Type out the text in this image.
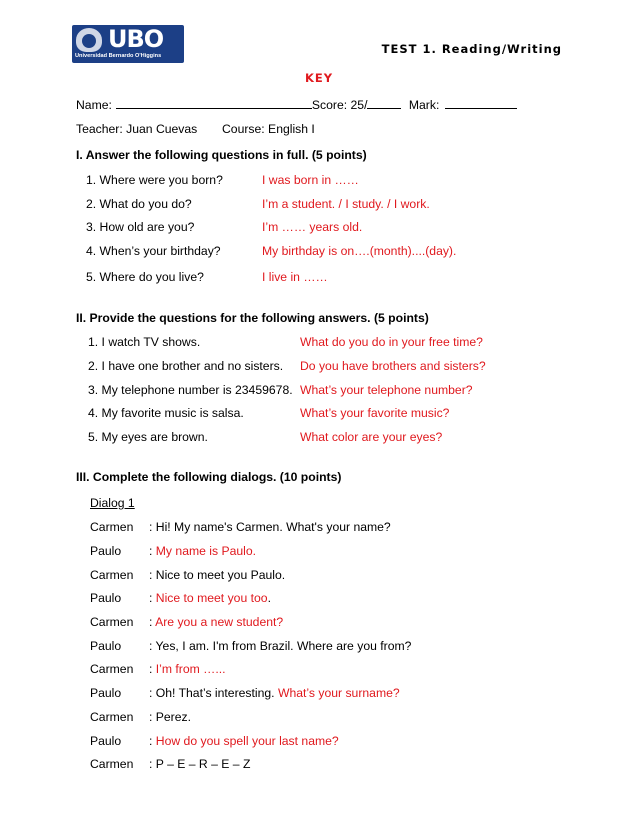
UBO
Universidad Bernardo O'Higgins	TEST 1. Reading/Writing
KEY
Name:	Score: 25/	Mark:
Teacher: Juan Cuevas Course: English I
I. Answer the following questions in full. (5 points)
1. Where were you born?	I was born in ……
2. What do you do?	I’m a student. / I study. / I work.
3. How old are you?	I’m …… years old.
4. When’s your birthday?	My birthday is on….(month)....(day).
5. Where do you live?	I live in ……
II. Provide the questions for the following answers. (5 points)
1. I watch TV shows.	What do you do in your free time?
2. I have one brother and no sisters. Do you have brothers and sisters?
3. My telephone number is 23459678. What’s your telephone number?
4. My favorite music is salsa.	What’s your favorite music?
5. My eyes are brown.	What color are your eyes?
III. Complete the following dialogs. (10 points)
Dialog 1
Carmen : Hi! My name's Carmen. What's your name?
Paulo : My name is Paulo.
Carmen : Nice to meet you Paulo.
Paulo : Nice to meet you too.
Carmen : Are you a new student?
Paulo : Yes, I am. I'm from Brazil. Where are you from?
Carmen : I’m from …...
Paulo : Oh! That’s interesting. What’s your surname?
Carmen : Perez.
Paulo : How do you spell your last name?
Carmen : P – E – R – E – Z
